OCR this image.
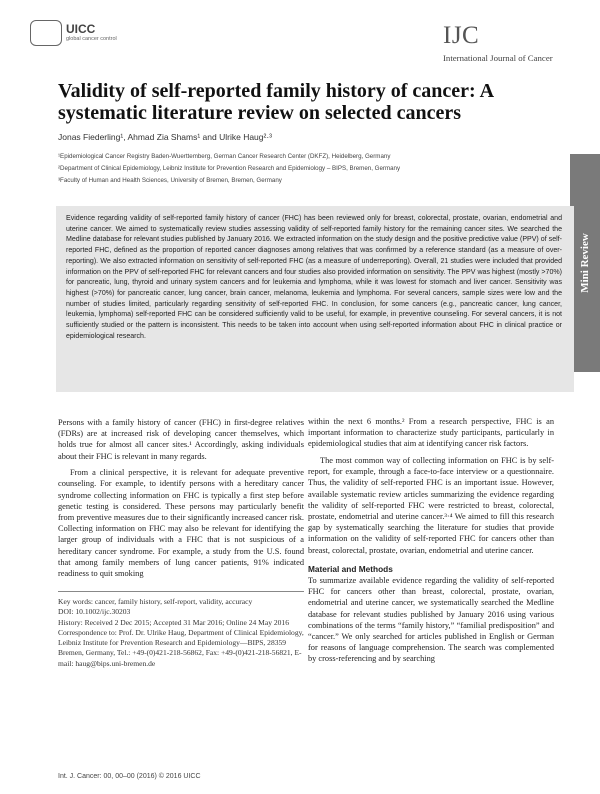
UICC
global cancer control	IJC
International Journal of Cancer
Validity of self-reported family history of cancer: A systematic literature review on selected cancers
Jonas Fiederling¹, Ahmad Zia Shams¹ and Ulrike Haug²·³
¹Epidemiological Cancer Registry Baden-Wuerttemberg, German Cancer Research Center (DKFZ), Heidelberg, Germany
²Department of Clinical Epidemiology, Leibniz Institute for Prevention Research and Epidemiology – BIPS, Bremen, Germany
³Faculty of Human and Health Sciences, University of Bremen, Bremen, Germany
Mini Review
Evidence regarding validity of self-reported family history of cancer (FHC) has been reviewed only for breast, colorectal, prostate, ovarian, endometrial and uterine cancer. We aimed to systematically review studies assessing validity of self-reported family history for the remaining cancer sites. We searched the Medline database for relevant studies published by January 2016. We extracted information on the study design and the positive predictive value (PPV) of self-reported FHC, defined as the proportion of reported cancer diagnoses among relatives that was confirmed by a reference standard (as a measure of over-reporting). We also extracted information on sensitivity of self-reported FHC (as a measure of underreporting). Overall, 21 studies were included that provided information on the PPV of self-reported FHC for relevant cancers and four studies also provided information on sensitivity. The PPV was highest (mostly >70%) for pancreatic, lung, thyroid and urinary system cancers and for leukemia and lymphoma, while it was lowest for stomach and liver cancer. Sensitivity was highest (>70%) for pancreatic cancer, lung cancer, brain cancer, melanoma, leukemia and lymphoma. For several cancers, sample sizes were low and the number of studies limited, particularly regarding sensitivity of self-reported FHC. In conclusion, for some cancers (e.g., pancreatic cancer, lung cancer, leukemia, lymphoma) self-reported FHC can be considered sufficiently valid to be useful, for example, in preventive counseling. For several cancers, it is not sufficiently studied or the pattern is inconsistent. This needs to be taken into account when using self-reported information about FHC in clinical practice or epidemiological research.

Persons with a family history of cancer (FHC) in first-degree relatives (FDRs) are at increased risk of developing cancer themselves, which holds true for almost all cancer sites.¹ Accordingly, asking individuals about their FHC is relevant in many regards.

From a clinical perspective, it is relevant for adequate preventive counseling. For example, to identify persons with a hereditary cancer syndrome collecting information on FHC is typically a first step before genetic testing is considered. These persons may particularly benefit from preventive measures due to their significantly increased cancer risk. Collecting information on FHC may also be relevant for identifying the larger group of individuals with a FHC that is not suspicious of a hereditary cancer syndrome. For example, a study from the U.S. found that among family members of lung cancer patients, 91% indicated readiness to quit smoking

Key words: cancer, family history, self-report, validity, accuracy

DOI: 10.1002/ijc.30203

History: Received 2 Dec 2015; Accepted 31 Mar 2016; Online 24 May 2016

Correspondence to: Prof. Dr. Ulrike Haug, Department of Clinical Epidemiology, Leibniz Institute for Prevention Research and Epidemiology—BIPS, 28359 Bremen, Germany, Tel.: +49-(0)421-218-56862, Fax: +49-(0)421-218-56821, E-mail: haug@bips.uni-bremen.de

within the next 6 months.² From a research perspective, FHC is an important information to characterize study participants, particularly in epidemiological studies that aim at identifying cancer risk factors.

The most common way of collecting information on FHC is by self-report, for example, through a face-to-face interview or a questionnaire. Thus, the validity of self-reported FHC is an important issue. However, available systematic review articles summarizing the evidence regarding the validity of self-reported FHC were restricted to breast, colorectal, prostate, endometrial and uterine cancer.³·⁴ We aimed to fill this research gap by systematically searching the literature for studies that provide information on the validity of self-reported FHC for cancers other than breast, colorectal, prostate, ovarian, endometrial and uterine cancer.

Material and Methods

To summarize available evidence regarding the validity of self-reported FHC for cancers other than breast, colorectal, prostate, ovarian, endometrial and uterine cancer, we systematically searched the Medline database for relevant studies published by January 2016 using various combinations of the terms “family history,” “familial predisposition” and “cancer.” We only searched for articles published in English or German for reasons of language comprehension. The search was complemented by cross-referencing and by searching

Int. J. Cancer: 00, 00–00 (2016) © 2016 UICC
